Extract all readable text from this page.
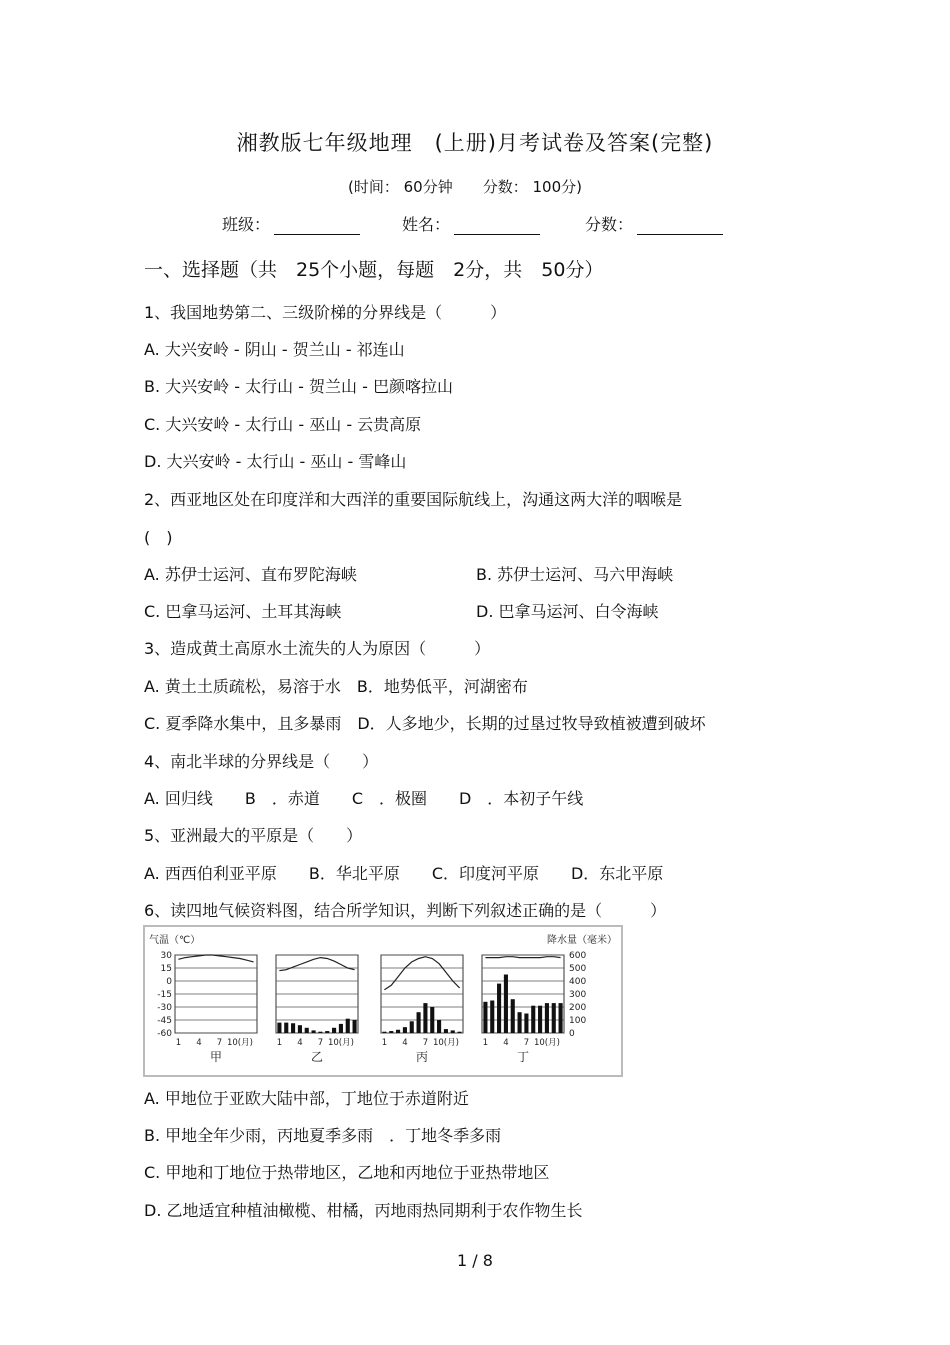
湘教版七年级地理　(上册)月考试卷及答案(完整)
(时间： 60分钟　　分数： 100分)
班级：	姓名：	分数：
一、选择题（共　25个小题，每题　2分，共　50分）
1、我国地势第二、三级阶梯的分界线是（　　　）
A. 大兴安岭 - 阴山 - 贺兰山 - 祁连山
B. 大兴安岭 - 太行山 - 贺兰山 - 巴颜喀拉山
C. 大兴安岭 - 太行山 - 巫山 - 云贵高原
D. 大兴安岭 - 太行山 - 巫山 - 雪峰山
2、西亚地区处在印度洋和大西洋的重要国际航线上，沟通这两大洋的咽喉是
(　)
A. 苏伊士运河、直布罗陀海峡	B. 苏伊士运河、马六甲海峡
C. 巴拿马运河、土耳其海峡	D. 巴拿马运河、白令海峡
3、造成黄土高原水土流失的人为原因（　　　）
A. 黄土土质疏松，易溶于水　B．地势低平，河湖密布
C. 夏季降水集中，且多暴雨　D．人多地少，长期的过垦过牧导致植被遭到破坏
4、南北半球的分界线是（　　）
A. 回归线　　B　．赤道　　C　．极圈　　D　．本初子午线
5、亚洲最大的平原是（　　）
A. 西西伯利亚平原　　B．华北平原　　C．印度河平原　　D．东北平原
6、读四地气候资料图，结合所学知识，判断下列叙述正确的是（　　　）
气温（℃）	降水量（毫米）
30
15
0
-15
-30
-45
-60
600
500
400
300
200
100
0
1 4 7 10(月)
甲
1 4 7 10(月)
乙
1 4 7 10(月)
丙
1 4 7 10(月)
丁
A. 甲地位于亚欧大陆中部，丁地位于赤道附近
B. 甲地全年少雨，丙地夏季多雨　．丁地冬季多雨
C. 甲地和丁地位于热带地区，乙地和丙地位于亚热带地区
D. 乙地适宜种植油橄榄、柑橘，丙地雨热同期利于农作物生长
1 / 8
